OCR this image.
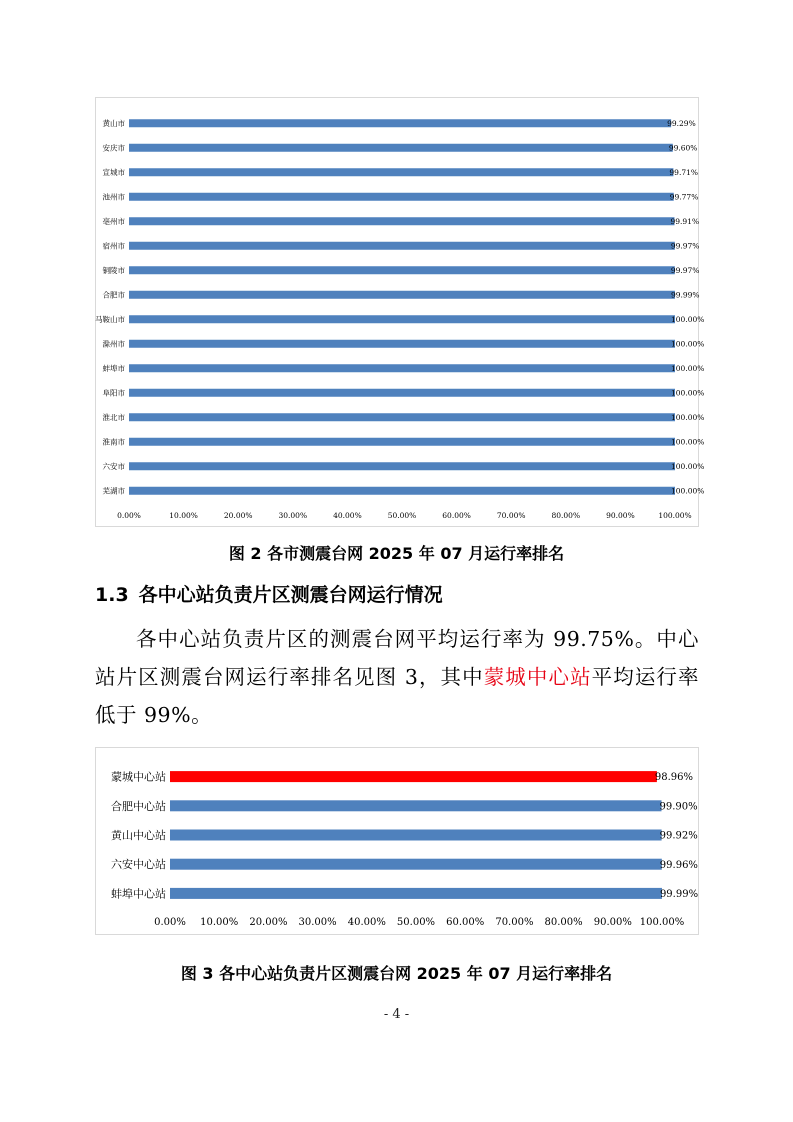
黄山市	99.29%
安庆市	99.60%
宣城市	99.71%
池州市	99.77%
亳州市	99.91%
宿州市	99.97%
铜陵市	99.97%
合肥市	99.99%
马鞍山市	100.00%
滁州市	100.00%
蚌埠市	100.00%
阜阳市	100.00%
淮北市	100.00%
淮南市	100.00%
六安市	100.00%
芜湖市	100.00%
0.00%	10.00%	20.00%	30.00%	40.00%	50.00%	60.00%	70.00%	80.00%	90.00%	100.00%
图 2 各市测震台网 2025 年 07 月运行率排名
1.3 各中心站负责片区测震台网运行情况
各中心站负责片区的测震台网平均运行率为 99.75%。中心站片区测震台网运行率排名见图 3，其中蒙城中心站平均运行率低于 99%。
蒙城中心站	98.96%
合肥中心站	99.90%
黄山中心站	99.92%
六安中心站	99.96%
蚌埠中心站	99.99%
0.00% 10.00% 20.00% 30.00% 40.00% 50.00% 60.00% 70.00% 80.00% 90.00% 100.00%
图 3 各中心站负责片区测震台网 2025 年 07 月运行率排名
- 4 -
